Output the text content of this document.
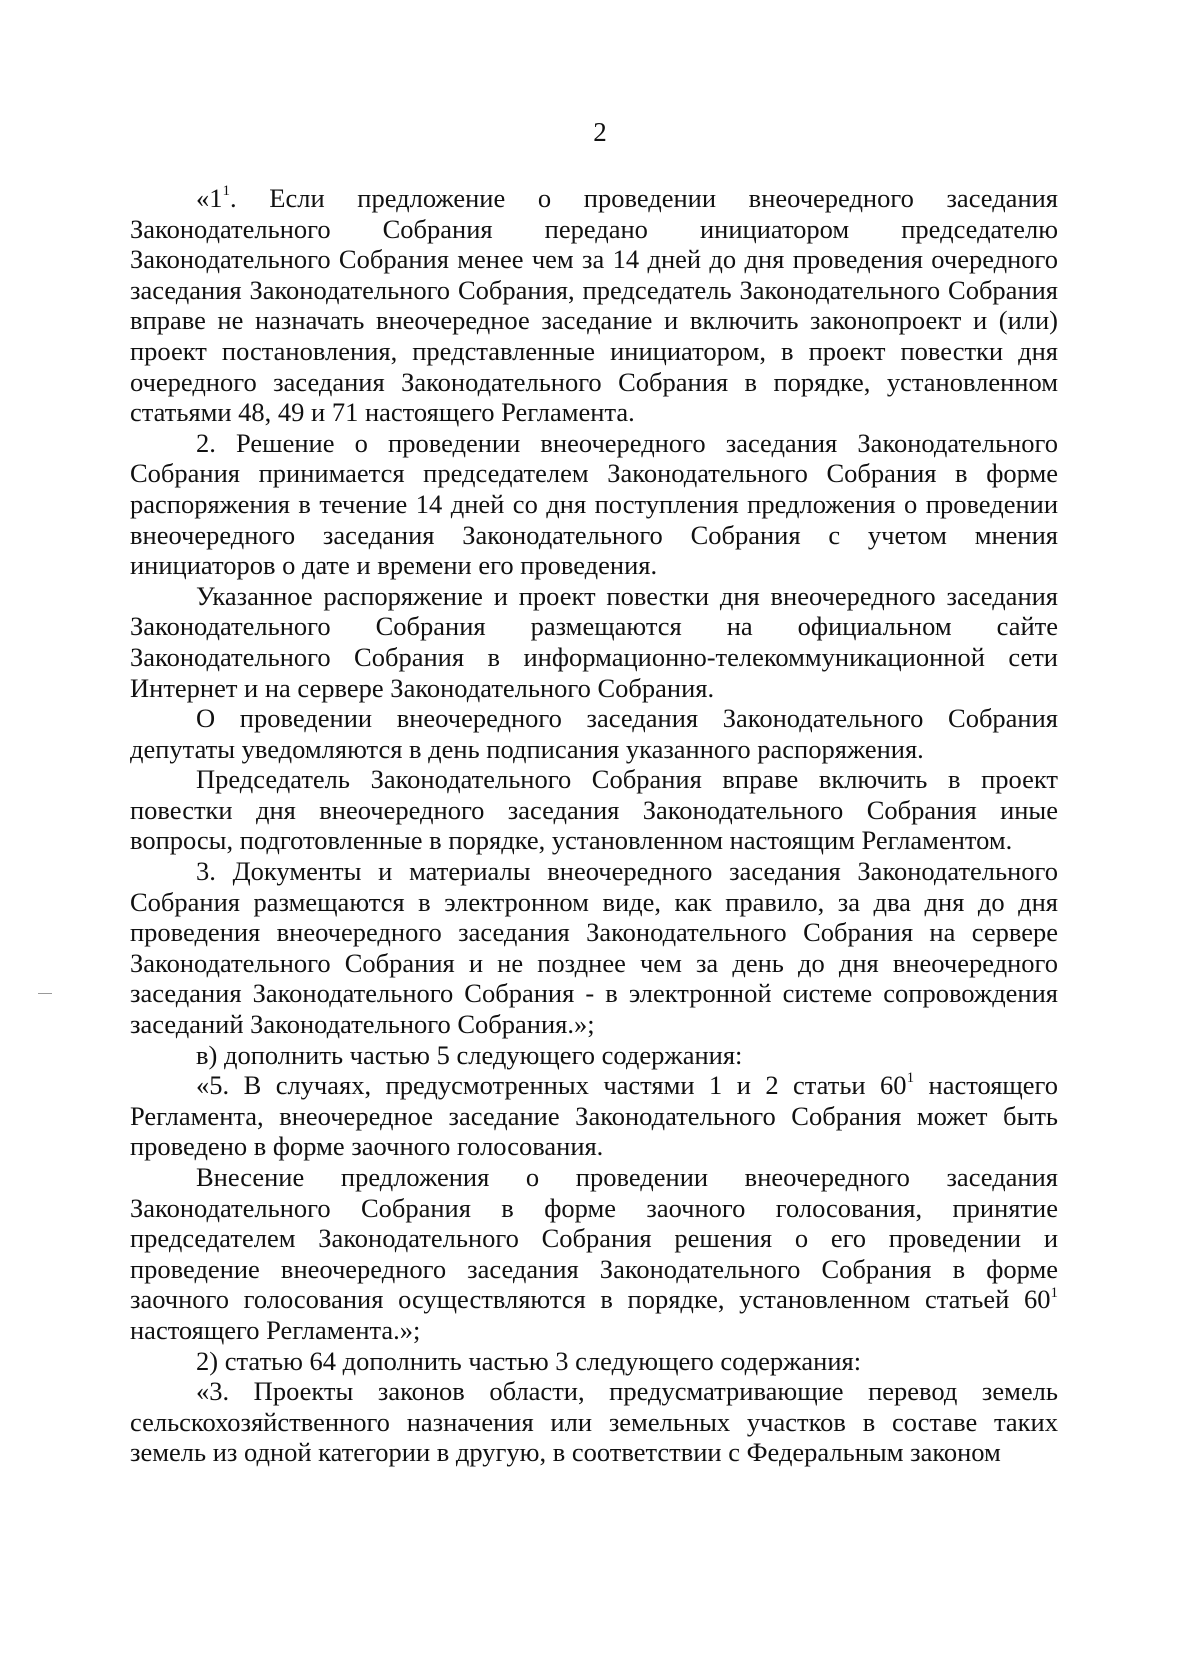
2

«$1^1$. Если предложение о проведении внеочередного заседания Законодательного Собрания передано инициатором председателю Законодательного Собрания менее чем за 14 дней до дня проведения очередного заседания Законодательного Собрания, председатель Законодательного Собрания вправе не назначать внеочередное заседание и включить законопроект и (или) проект постановления, представленные инициатором, в проект повестки дня очередного заседания Законодательного Собрания в порядке, установленном статьями 48, 49 и 71 настоящего Регламента.

2. Решение о проведении внеочередного заседания Законодательного Собрания принимается председателем Законодательного Собрания в форме распоряжения в течение 14 дней со дня поступления предложения о проведении внеочередного заседания Законодательного Собрания с учетом мнения инициаторов о дате и времени его проведения.

Указанное распоряжение и проект повестки дня внеочередного заседания Законодательного Собрания размещаются на официальном сайте Законодательного Собрания в информационно-телекоммуникационной сети Интернет и на сервере Законодательного Собрания.

О проведении внеочередного заседания Законодательного Собрания депутаты уведомляются в день подписания указанного распоряжения.

Председатель Законодательного Собрания вправе включить в проект повестки дня внеочередного заседания Законодательного Собрания иные вопросы, подготовленные в порядке, установленном настоящим Регламентом.

3. Документы и материалы внеочередного заседания Законодательного Собрания размещаются в электронном виде, как правило, за два дня до дня проведения внеочередного заседания Законодательного Собрания на сервере Законодательного Собрания и не позднее чем за день до дня внеочередного заседания Законодательного Собрания - в электронной системе сопровождения заседаний Законодательного Собрания.»;

в) дополнить частью 5 следующего содержания:

«5. В случаях, предусмотренных частями 1 и 2 статьи $60^1$ настоящего Регламента, внеочередное заседание Законодательного Собрания может быть проведено в форме заочного голосования.

Внесение предложения о проведении внеочередного заседания Законодательного Собрания в форме заочного голосования, принятие председателем Законодательного Собрания решения о его проведении и проведение внеочередного заседания Законодательного Собрания в форме заочного голосования осуществляются в порядке, установленном статьей $60^1$ настоящего Регламента.»;

2) статью 64 дополнить частью 3 следующего содержания:

«3. Проекты законов области, предусматривающие перевод земель сельскохозяйственного назначения или земельных участков в составе таких земель из одной категории в другую, в соответствии с Федеральным законом
